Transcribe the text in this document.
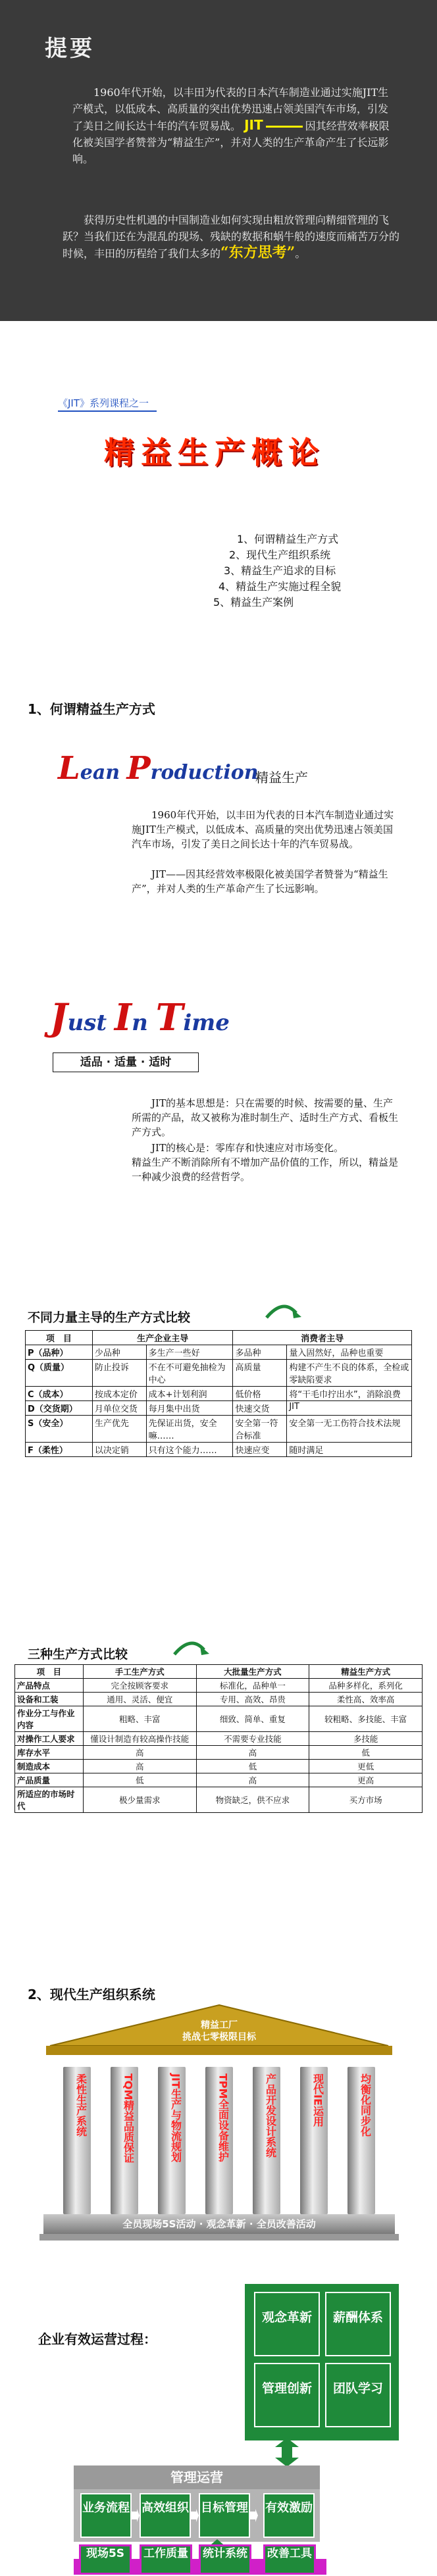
提要
1960年代开始，以丰田为代表的日本汽车制造业通过实施JIT生产模式，以低成本、高质量的突出优势迅速占领美国汽车市场，引发了美日之间长达十年的汽车贸易战。 JIT	因其经营效率极限化被美国学者赞誉为“精益生产”，并对人类的生产革命产生了长远影响。
获得历史性机遇的中国制造业如何实现由粗放管理向精细管理的飞跃？当我们还在为混乱的现场、残缺的数据和蜗牛般的速度而痛苦万分的时候，丰田的历程给了我们太多的“东方思考”。
《JIT》系列课程之一
精益生产概论
1、何谓精益生产方式
2、现代生产组织系统
3、精益生产追求的目标
4、精益生产实施过程全貌
5、精益生产案例
1、何谓精益生产方式
Lean Production
精益生产
1960年代开始，以丰田为代表的日本汽车制造业通过实施JIT生产模式，以低成本、高质量的突出优势迅速占领美国汽车市场，引发了美日之间长达十年的汽车贸易战。
JIT——因其经营效率极限化被美国学者赞誉为“精益生产”，并对人类的生产革命产生了长远影响。
Just In Time
适品 · 适量 · 适时
JIT的基本思想是：只在需要的时候、按需要的量、生产所需的产品，故又被称为准时制生产、适时生产方式、看板生产方式。
JIT的核心是：零库存和快速应对市场变化。
精益生产不断消除所有不增加产品价值的工作，所以，精益是一种减少浪费的经营哲学。
不同力量主导的生产方式比较
项　目	生产企业主导		消费者主导	
P（品种）	少品种	多生产一些好	多品种	量入固然好，品种也重要
Q（质量）	防止投诉	不在不可避免抽检为中心	高质量	构建不产生不良的体系，全检或零缺陷要求
C（成本）	按成本定价	成本+计划利润	低价格	将“干毛巾拧出水”，消除浪费
D（交货期）	月单位交货	每月集中出货	快速交货	JIT
S（安全）	生产优先	先保证出货，安全嘛……	安全第一符合标准	安全第一无工伤符合技术法规
F（柔性）	以决定销	只有这个能力……	快速应变	随时满足
三种生产方式比较
项　目	手工生产方式	大批量生产方式	精益生产方式
产品特点	完全按顾客要求	标准化，品种单一	品种多样化，系列化
设备和工装	通用、灵活、便宜	专用、高效、昂贵	柔性高、效率高
作业分工与作业内容	粗略、丰富	细致、简单、重复	较粗略、多技能、丰富
对操作工人要求	懂设计制造有较高操作技能	不需要专业技能	多技能
库存水平	高	高	低
制造成本	高	低	更低
产品质量	低	高	更高
所适应的市场时代	极少量需求	物资缺乏，供不应求	买方市场
2、现代生产组织系统
精益工厂
挑战七零极限目标
柔性生产系统	TQM精益品质保证	JIT生产与物流规划	TPM全面设备维护	产品开发设计系统	现代IE运用	均衡化同步化
全员现场5S活动 · 观念革新 · 全员改善活动
企业有效运营过程：
观念革新	薪酬体系
管理创新	团队学习
管理运营
业务流程 高效组织 目标管理 有效激励
现场5S	工作质量	统计系统	改善工具
